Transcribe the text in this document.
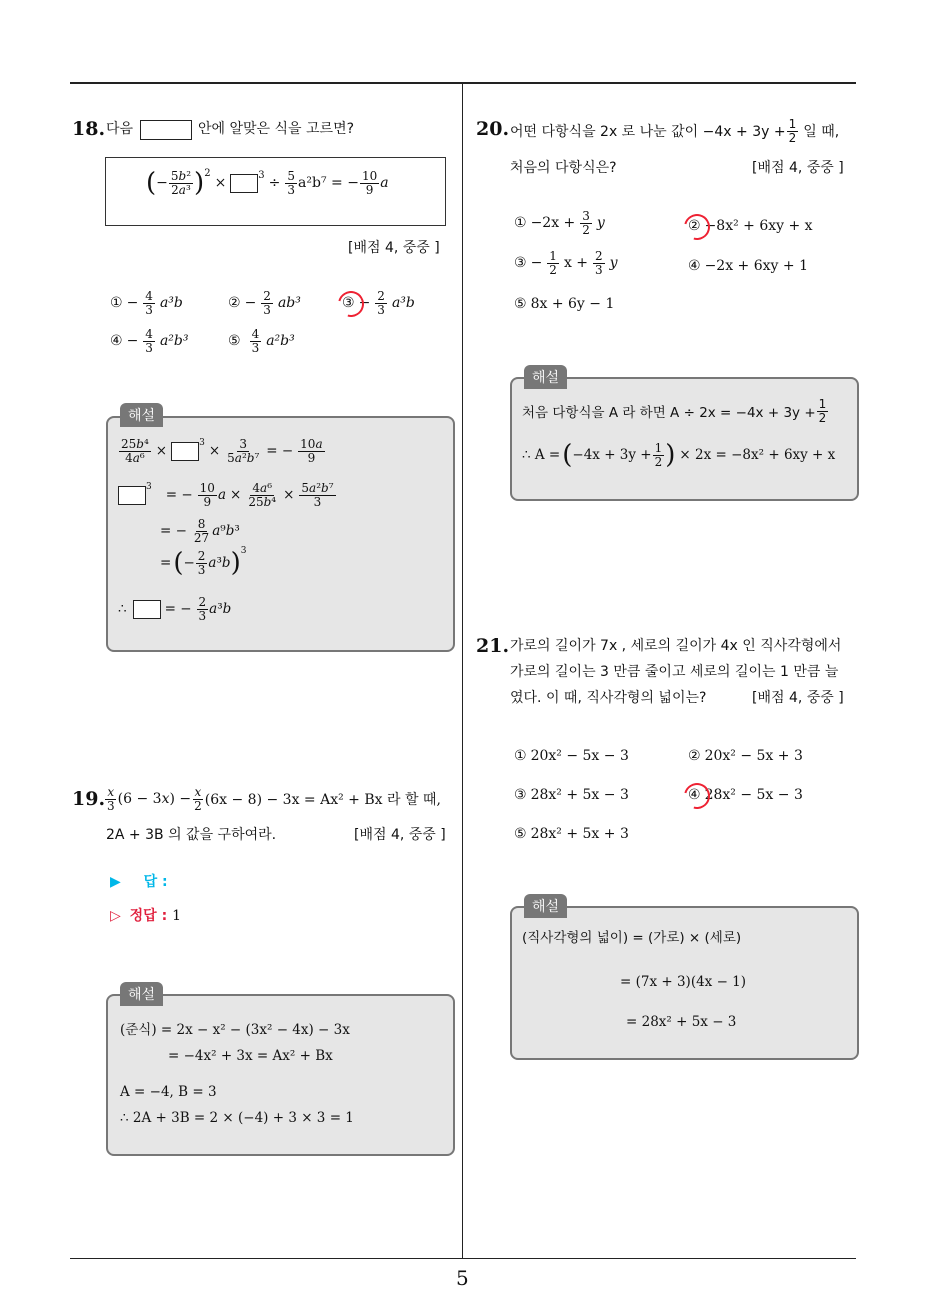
5
18. 다음	안에 알맞은 식을 고르면?
( − $\frac{\text{5b²}}{\text{2a³}} )^2$
×	$^3 \div \frac{5}{3} a^2b^7$ = − $\frac{10}{9}$ a
[배점 4, 중중 ]
① − $\frac{4}{3} a^3b$	② − $\frac{2}{3} ab^3$	③ − $\frac{2}{3} a^3b$
④ − $\frac{4}{3} a^2b^3$	⑤ $\frac{4}{3} a^2b^3$
해설
$\frac{\text{25b⁴}}{\text{4a⁶}}$ ×	$^3 \times \frac{3}{\text{5a²b⁷}}$ = − $\frac{10a}{9}$
$^3$ = − $\frac{10}{9}$ $a \times \frac{\text{4a⁶}}{\text{25b⁴}} \times \frac{\text{5a²b⁷}}{3}$
= − $\frac{8}{27}$ a ⁹ b ³
= ( − $\frac{2}{3}$ a ³ b )$^3$
∴	= − $\frac{2}{3}$ a ³ b
19. $\frac{x}{3} (6 - 3x) - \frac{x}{2} (6x - 8) - 3x = Ax^2 + Bx$ 라 할 때,
2A + 3B 의 값을 구하여라.	[배점 4, 중중 ]
▶ 답 :
▷ 정답 : 1
해설
(준식) = 2x − x² − (3x² − 4x) − 3x
= −4x² + 3x = Ax² + Bx
A = −4, B = 3
∴ 2A + 3B = 2 × (−4) + 3 × 3 = 1
20. 어떤 다항식을 2x 로 나눈 값이 $-4x + 3y + \frac{1}{2}$ 일 때,
처음의 다항식은?	[배점 4, 중중 ]
① $-2x + \frac{3}{2}$ y	② −8x² + 6xy + x
③ − $\frac{1}{2}$ $x + \frac{2}{3}$ y	④ −2x + 6xy + 1
⑤ 8x + 6y − 1
해설
처음 다항식을 A 라 하면 $A \div 2x = -4x + 3y + \frac{1}{2}$
∴ A = ( $-4x + 3y + \frac{1}{2}$ ) × 2x = −8x² + 6xy + x
21. 가로의 길이가 7x , 세로의 길이가 4x 인 직사각형에서
가로의 길이는 3 만큼 줄이고 세로의 길이는 1 만큼 늘
였다. 이 때, 직사각형의 넓이는?	[배점 4, 중중 ]
① 20x² − 5x − 3	② 20x² − 5x + 3
③ 28x² + 5x − 3	④ 28x² − 5x − 3
⑤ 28x² + 5x + 3
해설
(직사각형의 넓이) = (가로) × (세로)
= (7x + 3)(4x − 1)
= 28x² + 5x − 3
